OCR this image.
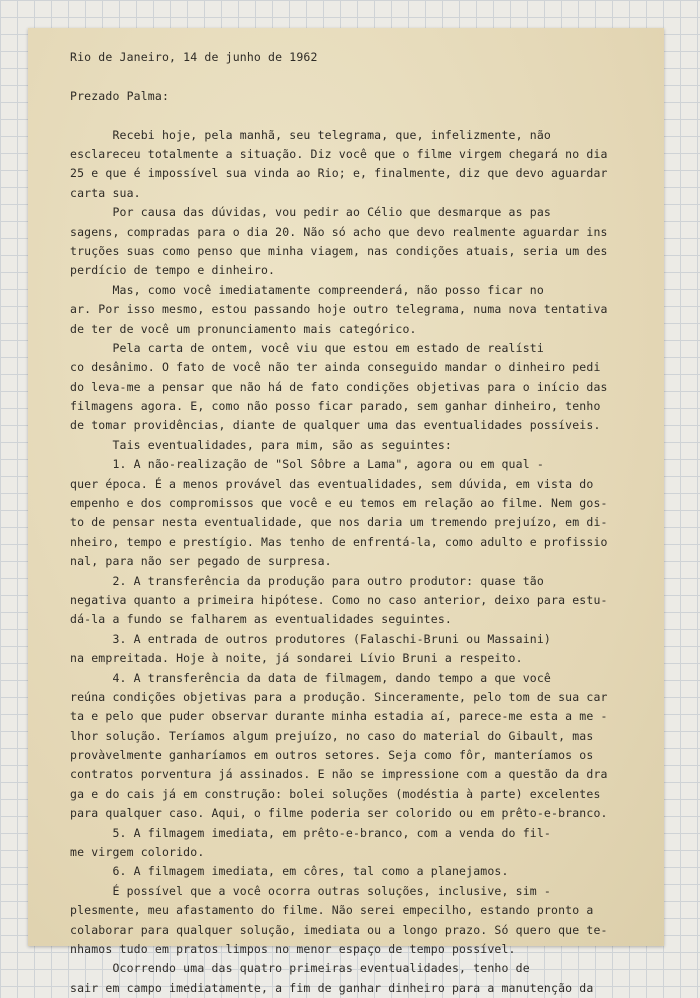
Rio de Janeiro, 14 de junho de 1962
Prezado Palma:
Recebi hoje, pela manhã, seu telegrama, que, infelizmente, não
esclareceu totalmente a situação. Diz você que o filme virgem chegará no dia
25 e que é impossível sua vinda ao Rio; e, finalmente, diz que devo aguardar
carta sua.
Por causa das dúvidas, vou pedir ao Célio que desmarque as pas
sagens, compradas para o dia 20. Não só acho que devo realmente aguardar ins
truções suas como penso que minha viagem, nas condições atuais, seria um des
perdício de tempo e dinheiro.
Mas, como você imediatamente compreenderá, não posso ficar no
ar. Por isso mesmo, estou passando hoje outro telegrama, numa nova tentativa
de ter de você um pronunciamento mais categórico.
Pela carta de ontem, você viu que estou em estado de realísti
co desânimo. O fato de você não ter ainda conseguido mandar o dinheiro pedi
do leva-me a pensar que não há de fato condições objetivas para o início das
filmagens agora. E, como não posso ficar parado, sem ganhar dinheiro, tenho
de tomar providências, diante de qualquer uma das eventualidades possíveis.
Tais eventualidades, para mim, são as seguintes:
1. A não-realização de "Sol Sôbre a Lama", agora ou em qual -
quer época. É a menos provável das eventualidades, sem dúvida, em vista do
empenho e dos compromissos que você e eu temos em relação ao filme. Nem gos-
to de pensar nesta eventualidade, que nos daria um tremendo prejuízo, em di-
nheiro, tempo e prestígio. Mas tenho de enfrentá-la, como adulto e profissio
nal, para não ser pegado de surpresa.
2. A transferência da produção para outro produtor: quase tão
negativa quanto a primeira hipótese. Como no caso anterior, deixo para estu-
dá-la a fundo se falharem as eventualidades seguintes.
3. A entrada de outros produtores (Falaschi-Bruni ou Massaini)
na empreitada. Hoje à noite, já sondarei Lívio Bruni a respeito.
4. A transferência da data de filmagem, dando tempo a que você
reúna condições objetivas para a produção. Sinceramente, pelo tom de sua car
ta e pelo que puder observar durante minha estadia aí, parece-me esta a me -
lhor solução. Teríamos algum prejuízo, no caso do material do Gibault, mas
provàvelmente ganharíamos em outros setores. Seja como fôr, manteríamos os
contratos porventura já assinados. E não se impressione com a questão da dra
ga e do cais já em construção: bolei soluções (modéstia à parte) excelentes
para qualquer caso. Aqui, o filme poderia ser colorido ou em prêto-e-branco.
5. A filmagem imediata, em prêto-e-branco, com a venda do fil-
me virgem colorido.
6. A filmagem imediata, em côres, tal como a planejamos.
É possível que a você ocorra outras soluções, inclusive, sim -
plesmente, meu afastamento do filme. Não serei empecilho, estando pronto a
colaborar para qualquer solução, imediata ou a longo prazo. Só quero que te-
nhamos tudo em pratos limpos no menor espaço de tempo possível.
Ocorrendo uma das quatro primeiras eventualidades, tenho de
sair em campo imediatamente, a fim de ganhar dinheiro para a manutenção da
